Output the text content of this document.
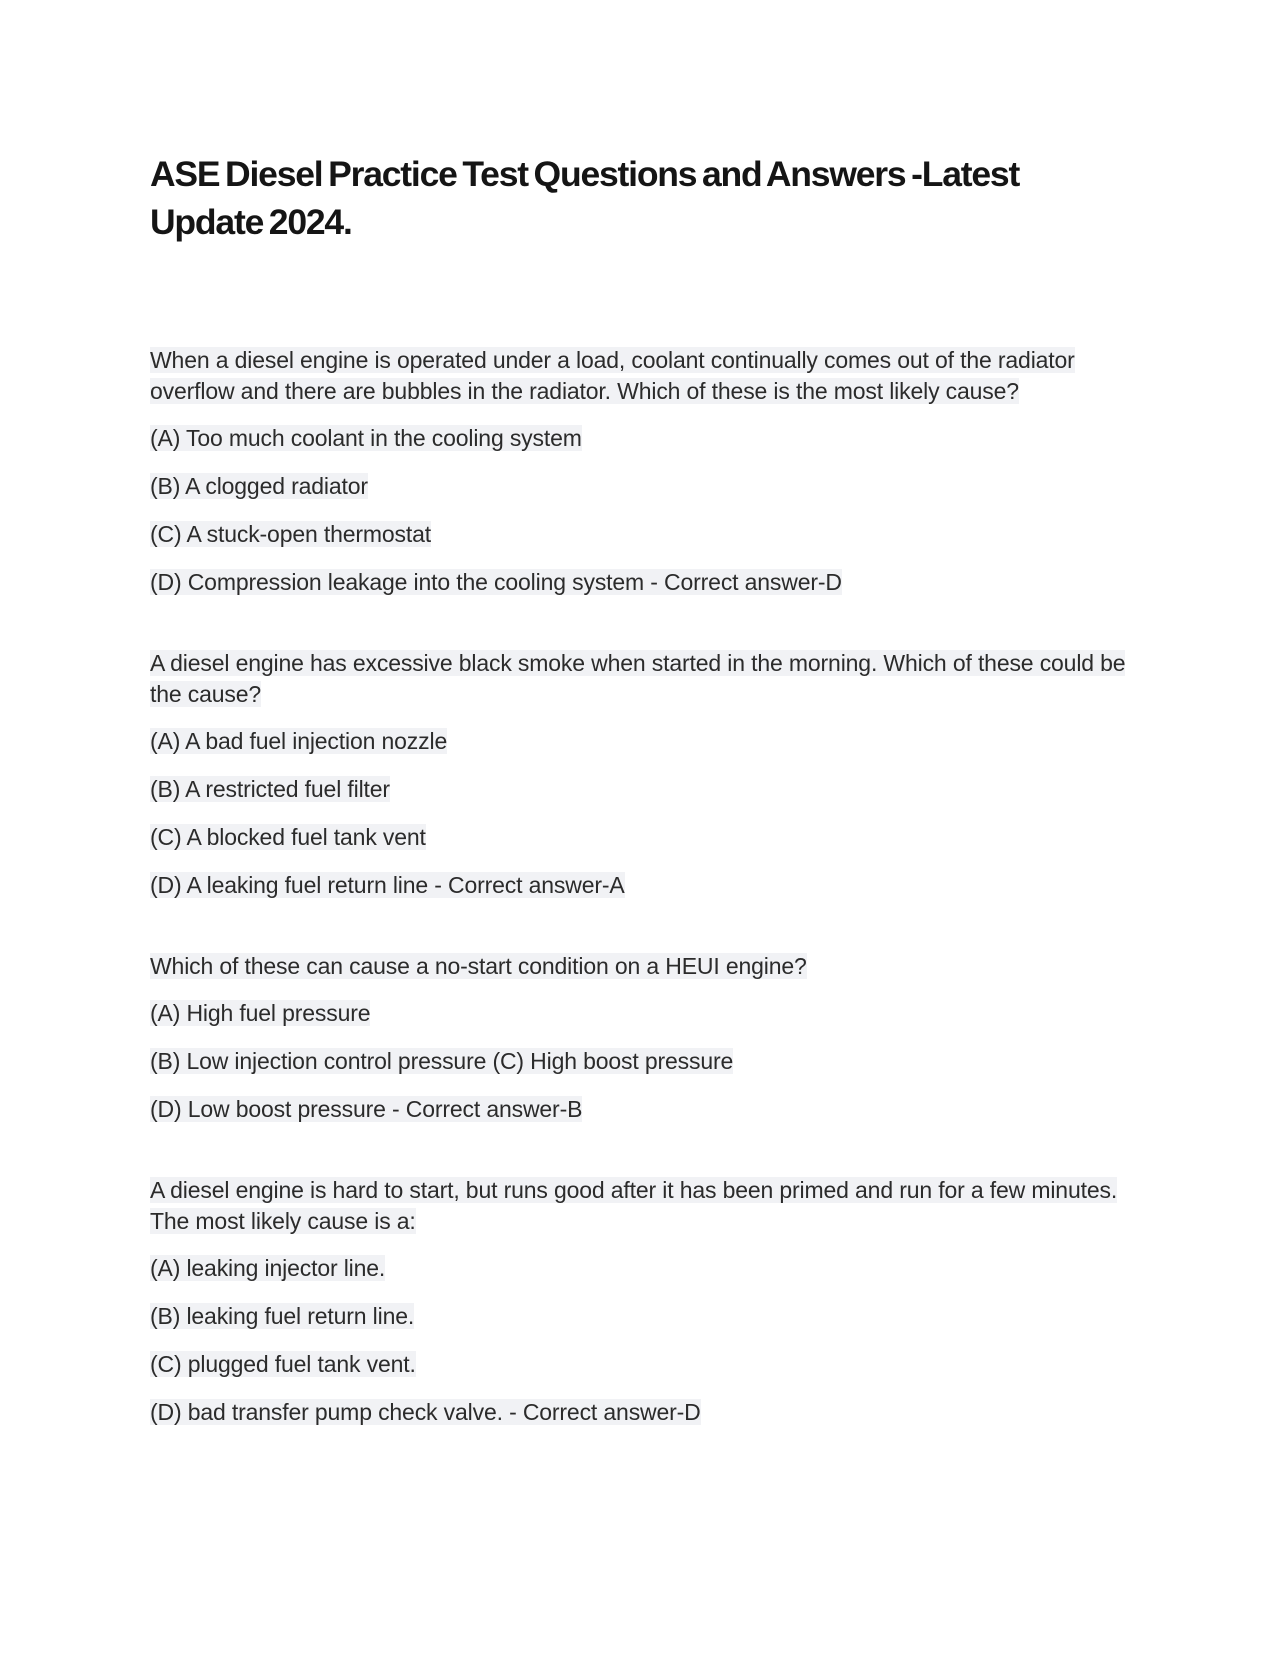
ASE Diesel Practice Test Questions and Answers -Latest
Update 2024.

When a diesel engine is operated under a load, coolant continually comes out of the radiator overflow and there are bubbles in the radiator. Which of these is the most likely cause?

(A) Too much coolant in the cooling system

(B) A clogged radiator

(C) A stuck-open thermostat

(D) Compression leakage into the cooling system - Correct answer-D

A diesel engine has excessive black smoke when started in the morning. Which of these could be the cause?

(A) A bad fuel injection nozzle

(B) A restricted fuel filter

(C) A blocked fuel tank vent

(D) A leaking fuel return line - Correct answer-A

Which of these can cause a no-start condition on a HEUI engine?

(A) High fuel pressure

(B) Low injection control pressure (C) High boost pressure

(D) Low boost pressure - Correct answer-B

A diesel engine is hard to start, but runs good after it has been primed and run for a few minutes. The most likely cause is a:

(A) leaking injector line.

(B) leaking fuel return line.

(C) plugged fuel tank vent.

(D) bad transfer pump check valve. - Correct answer-D
